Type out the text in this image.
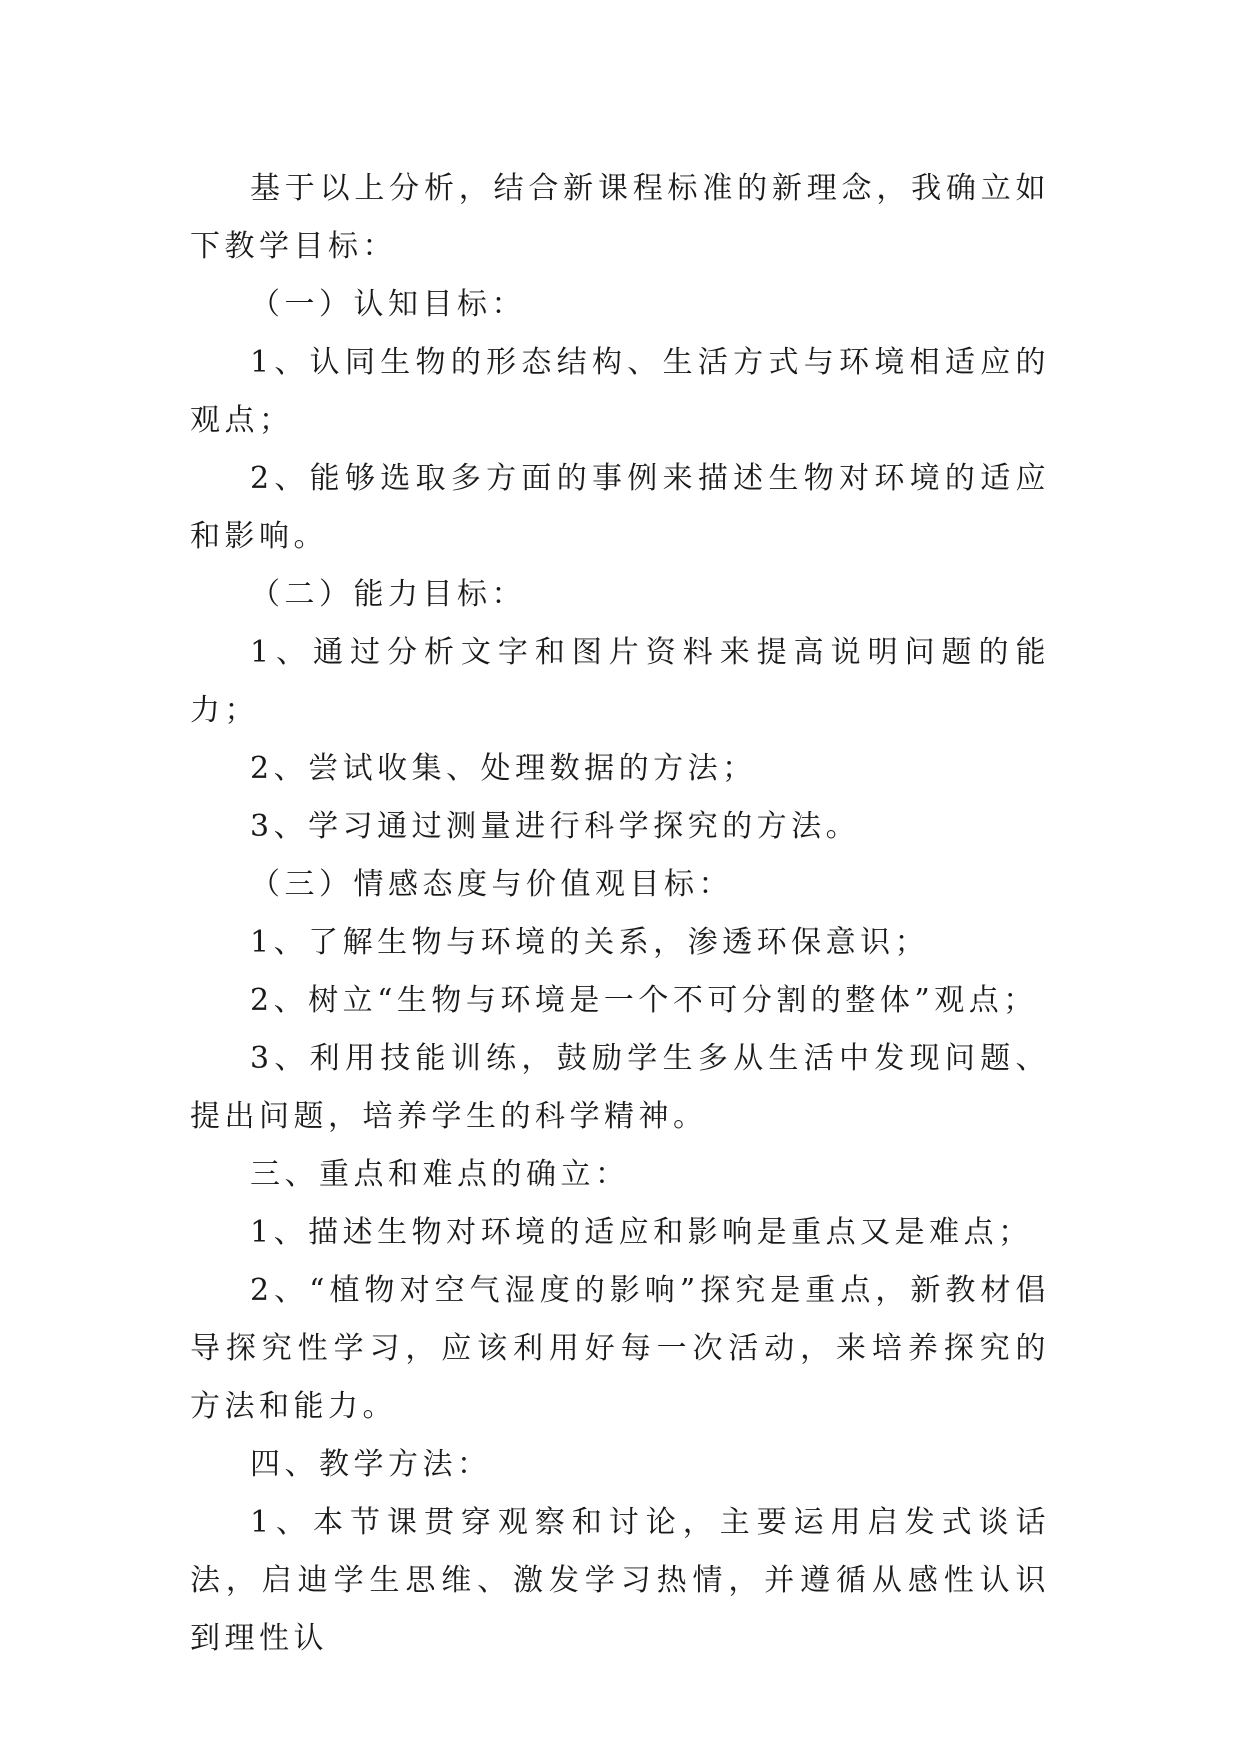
基于以上分析，结合新课程标准的新理念，我确立如下教学目标：

（一）认知目标：

1、认同生物的形态结构、生活方式与环境相适应的观点；

2、能够选取多方面的事例来描述生物对环境的适应和影响。

（二）能力目标：

1、通过分析文字和图片资料来提高说明问题的能力；

2、尝试收集、处理数据的方法；

3、学习通过测量进行科学探究的方法。

（三）情感态度与价值观目标：

1、了解生物与环境的关系，渗透环保意识；

2、树立“生物与环境是一个不可分割的整体”观点；

3、利用技能训练，鼓励学生多从生活中发现问题、提出问题，培养学生的科学精神。

三、重点和难点的确立：

1、描述生物对环境的适应和影响是重点又是难点；

2、“植物对空气湿度的影响”探究是重点，新教材倡导探究性学习，应该利用好每一次活动，来培养探究的方法和能力。

四、教学方法：

1、本节课贯穿观察和讨论，主要运用启发式谈话法，启迪学生思维、激发学习热情，并遵循从感性认识到理性认
